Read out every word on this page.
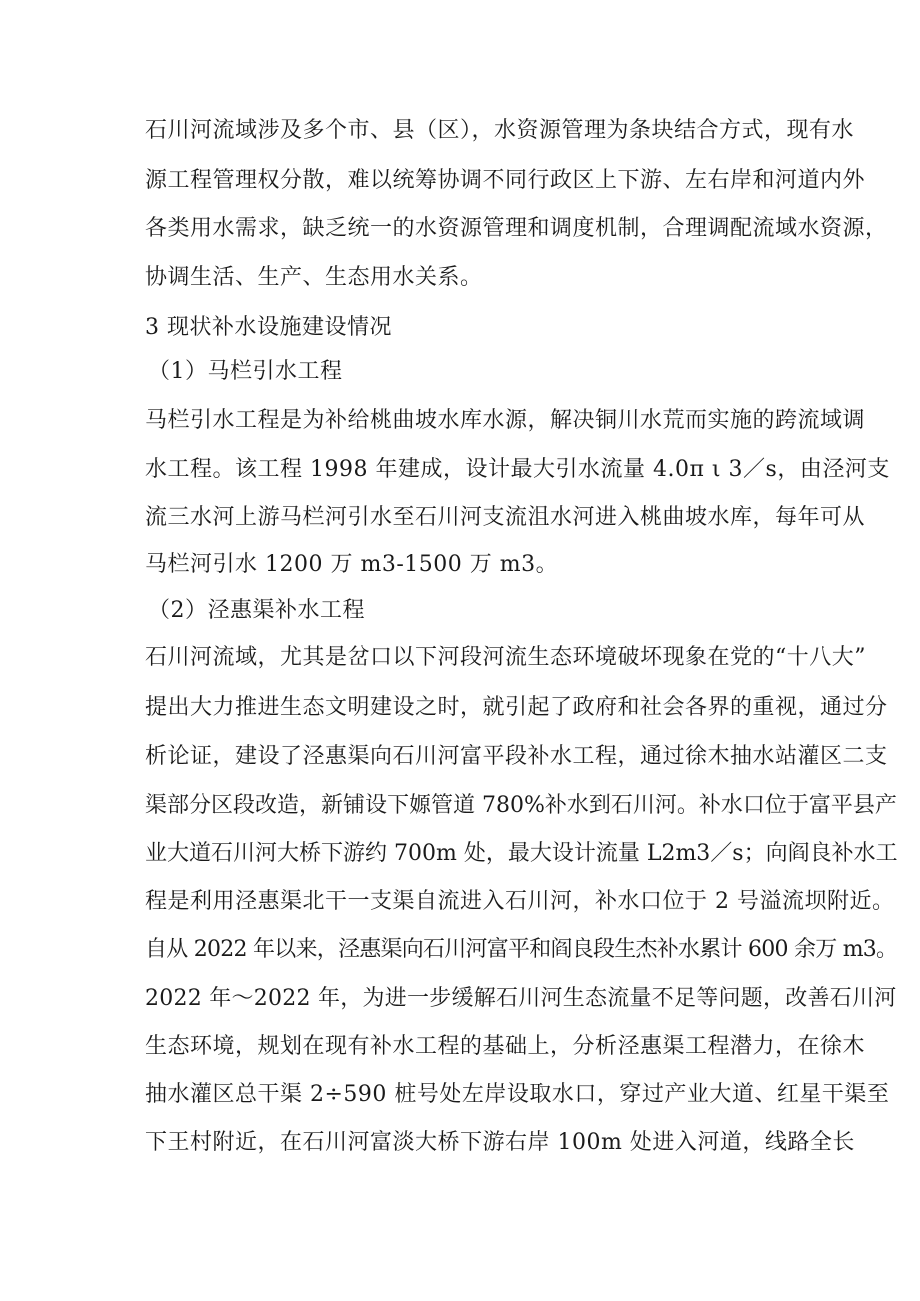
石川河流域涉及多个市、县（区），水资源管理为条块结合方式，现有水
源工程管理权分散，难以统筹协调不同行政区上下游、左右岸和河道内外
各类用水需求，缺乏统一的水资源管理和调度机制，合理调配流域水资源，
协调生活、生产、生态用水关系。
3 现状补水设施建设情况
（1）马栏引水工程
马栏引水工程是为补给桃曲坡水库水源，解决铜川水荒而实施的跨流域调
水工程。该工程 1998 年建成，设计最大引水流量 4.0π ι 3／s，由泾河支
流三水河上游马栏河引水至石川河支流沮水河进入桃曲坡水库，每年可从
马栏河引水 1200 万 m3-1500 万 m3。
（2）泾惠渠补水工程
石川河流域，尤其是岔口以下河段河流生态环境破坏现象在党的“十八大”
提出大力推进生态文明建设之时，就引起了政府和社会各界的重视，通过分
析论证，建设了泾惠渠向石川河富平段补水工程，通过徐木抽水站灌区二支
渠部分区段改造，新铺设下嫄管道 780%补水到石川河。补水口位于富平县产
业大道石川河大桥下游约 700m 处，最大设计流量 L2m3／s；向阎良补水工
程是利用泾惠渠北干一支渠自流进入石川河，补水口位于 2 号溢流坝附近。
自从 2022 年以来，泾惠渠向石川河富平和阎良段生杰补水累计 600 余万 m3。
2022 年～2022 年，为进一步缓解石川河生态流量不足等问题，改善石川河
生态环境，规划在现有补水工程的基础上，分析泾惠渠工程潜力，在徐木
抽水灌区总干渠 2÷590 桩号处左岸设取水口，穿过产业大道、红星干渠至
下王村附近，在石川河富淡大桥下游右岸 100m 处进入河道，线路全长
